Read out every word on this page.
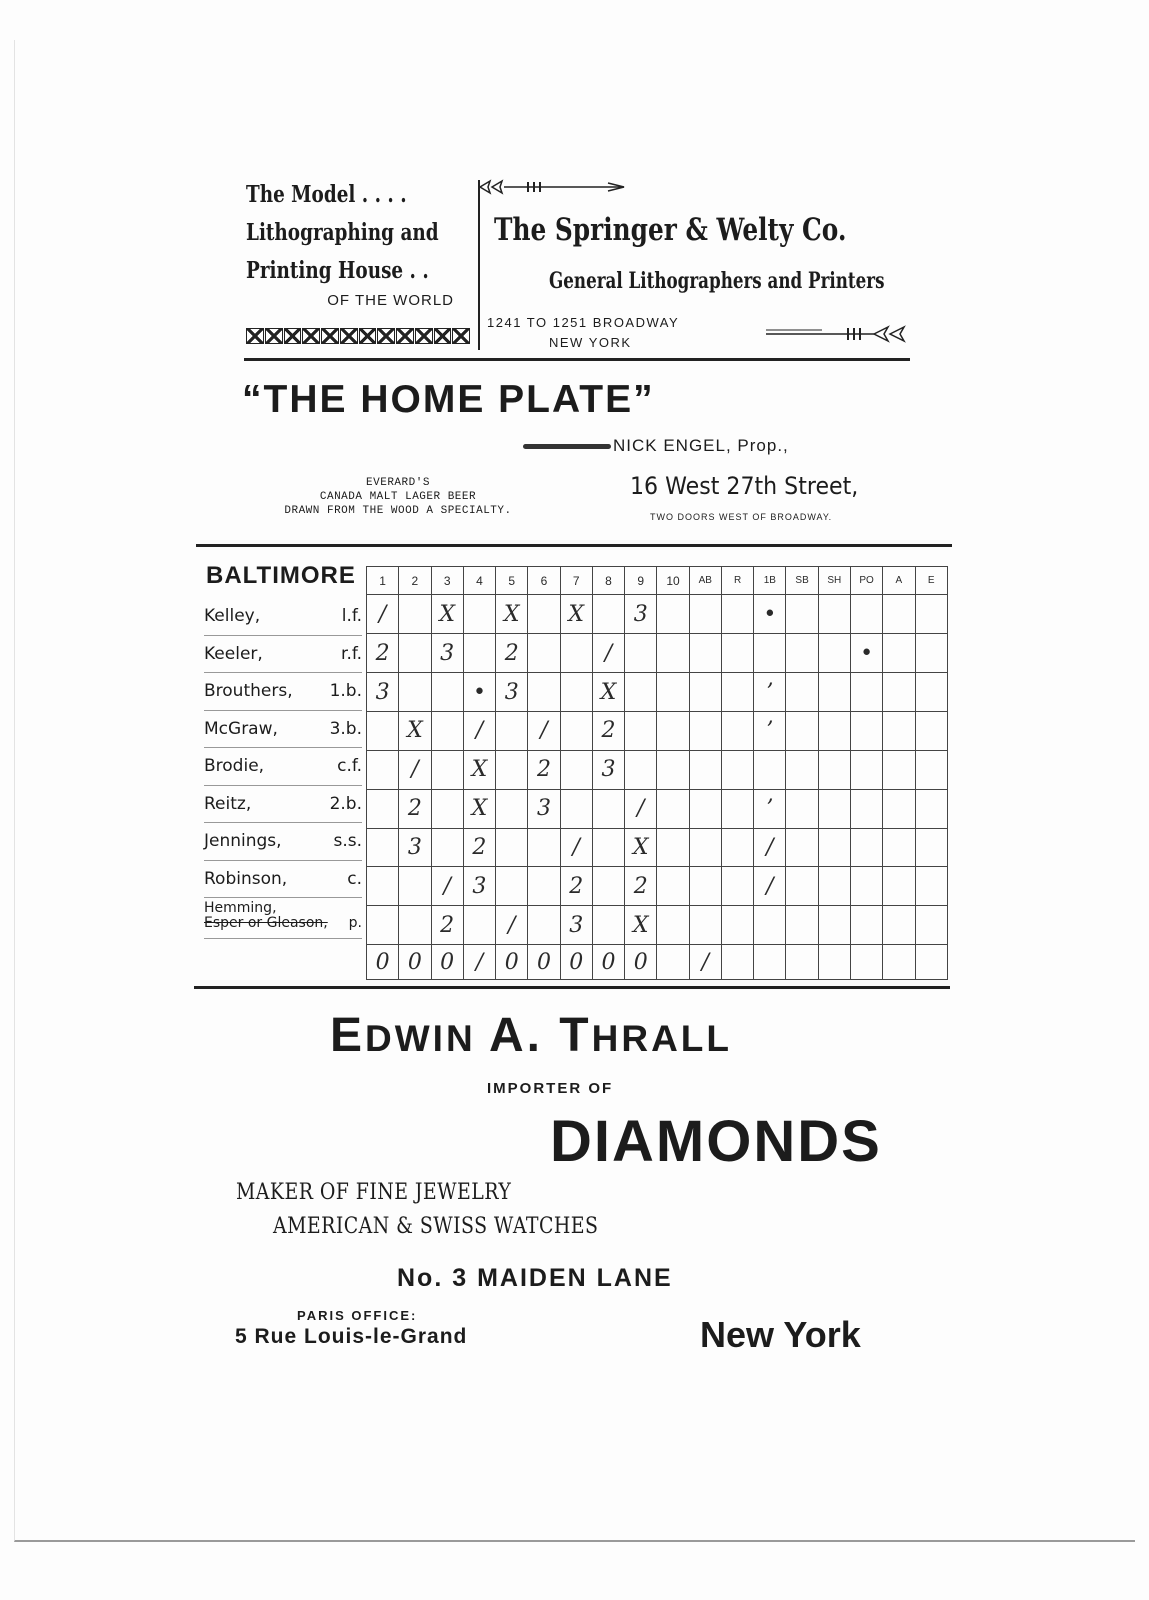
The Model . . . .
Lithographing and
Printing House . .
OF THE WORLD
The Springer & Welty Co.
General Lithographers and Printers
1241 TO 1251 BROADWAY
NEW YORK
“THE HOME PLATE”
NICK ENGEL, Prop.,
EVERARD'S
CANADA MALT LAGER BEER
DRAWN FROM THE WOOD A SPECIALTY.
16 West 27th Street,
TWO DOORS WEST OF BROADWAY.
BALTIMORE
Kelley,	l.f.
Keeler,	r.f.
Brouthers, 1.b.
McGraw,	3.b.
Brodie,	c.f.
Reitz,	2.b.
Jennings,	s.s.
Robinson,	c.
Hemming,
Esper or Gleason, p.
1	2	3	4	5	6	7	8	9	10	AB	R	1B	SB	SH	PO	A	E
/		X		X		X		3				•					
2		3		2			/								•		
3			•	3			X					’					
	X		/		/		2					’					
	/		X		2		3										
	2		X		3			/				’					
	3		2			/		X				/					
		/	3			2		2				/					
		2		/		3		X									
0	0	0	/	0	0	0	0	0		/							
EDWIN A. THRALL
IMPORTER OF
DIAMONDS
MAKER OF FINE JEWELRY
AMERICAN & SWISS WATCHES
No. 3 MAIDEN LANE
PARIS OFFICE:
5 Rue Louis-le-Grand	New York
